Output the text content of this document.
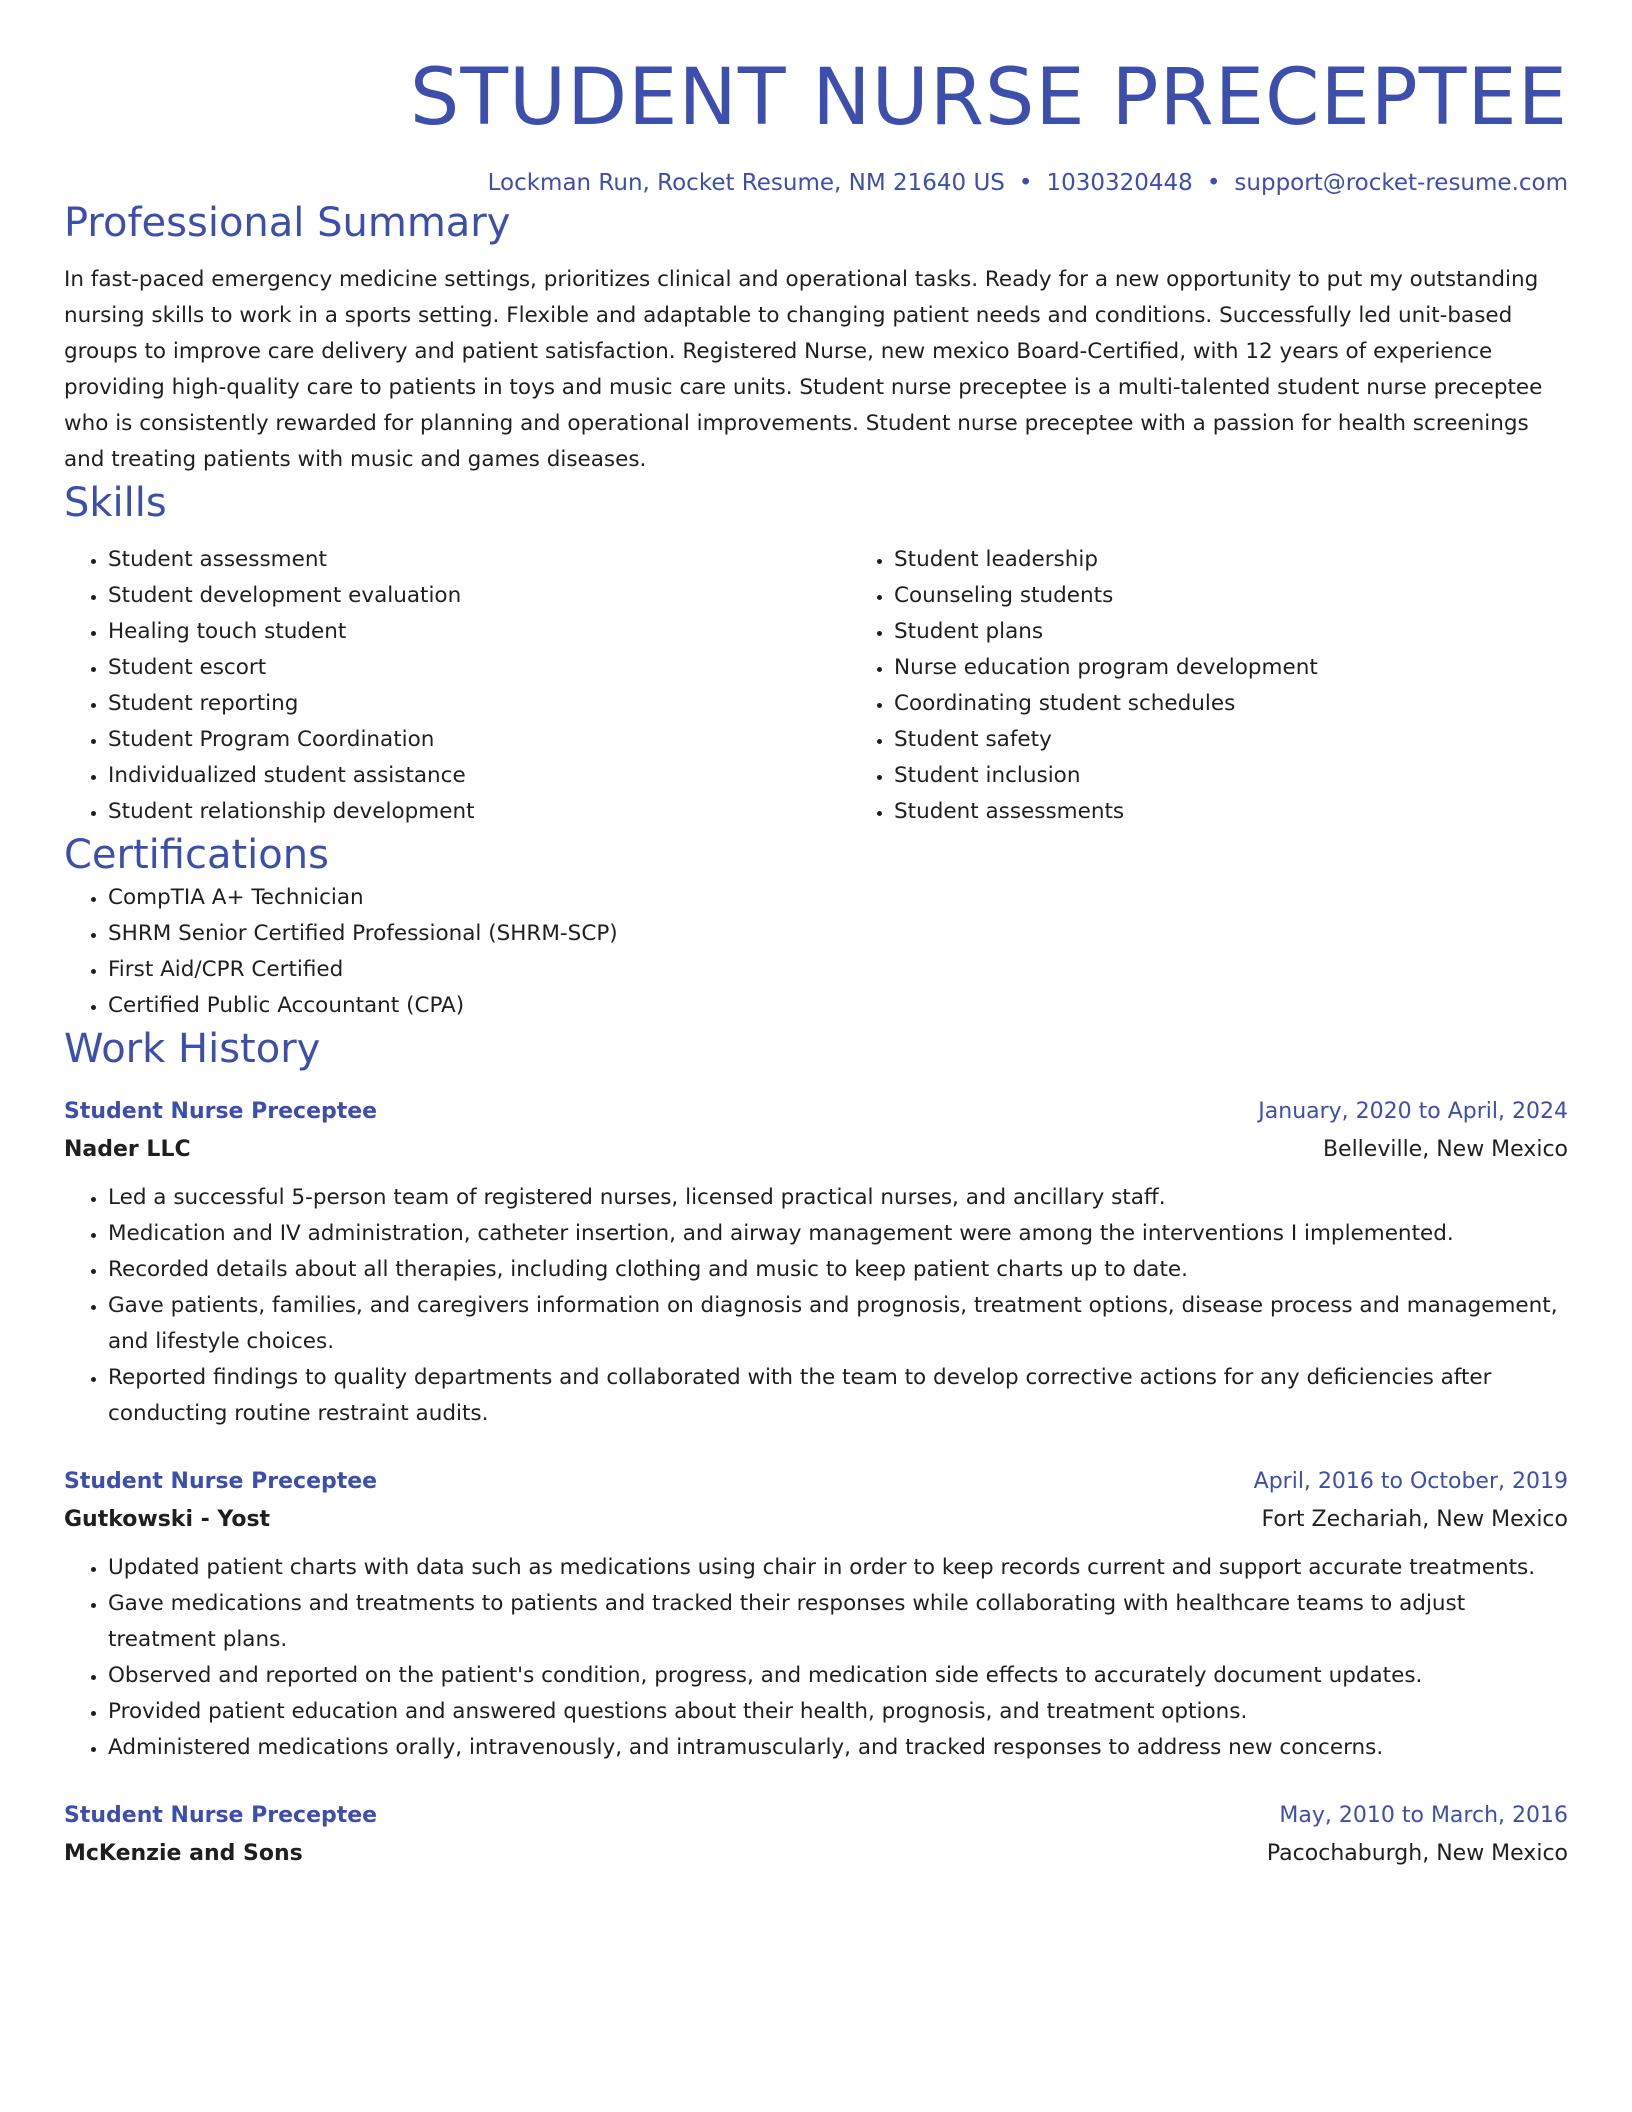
STUDENT NURSE PRECEPTEE
Lockman Run, Rocket Resume, NM 21640 US • 1030320448 • support@rocket-resume.com
Professional Summary
In fast-paced emergency medicine settings, prioritizes clinical and operational tasks. Ready for a new opportunity to put my outstanding nursing skills to work in a sports setting. Flexible and adaptable to changing patient needs and conditions. Successfully led unit-based groups to improve care delivery and patient satisfaction. Registered Nurse, new mexico Board-Certified, with 12 years of experience providing high-quality care to patients in toys and music care units. Student nurse preceptee is a multi-talented student nurse preceptee who is consistently rewarded for planning and operational improvements. Student nurse preceptee with a passion for health screenings and treating patients with music and games diseases.
Skills
• Student assessment
• Student development evaluation
• Healing touch student
• Student escort
• Student reporting
• Student Program Coordination
• Individualized student assistance
• Student relationship development
• Student leadership
• Counseling students
• Student plans
• Nurse education program development
• Coordinating student schedules
• Student safety
• Student inclusion
• Student assessments
Certifications
• CompTIA A+ Technician
• SHRM Senior Certified Professional (SHRM-SCP)
• First Aid/CPR Certified
• Certified Public Accountant (CPA)
Work History
Student Nurse Preceptee	January, 2020 to April, 2024
Nader LLC	Belleville, New Mexico
• Led a successful 5-person team of registered nurses, licensed practical nurses, and ancillary staff.
• Medication and IV administration, catheter insertion, and airway management were among the interventions I implemented.
• Recorded details about all therapies, including clothing and music to keep patient charts up to date.
• Gave patients, families, and caregivers information on diagnosis and prognosis, treatment options, disease process and management, and lifestyle choices.
• Reported findings to quality departments and collaborated with the team to develop corrective actions for any deficiencies after conducting routine restraint audits.
Student Nurse Preceptee	April, 2016 to October, 2019
Gutkowski - Yost	Fort Zechariah, New Mexico
• Updated patient charts with data such as medications using chair in order to keep records current and support accurate treatments.
• Gave medications and treatments to patients and tracked their responses while collaborating with healthcare teams to adjust treatment plans.
• Observed and reported on the patient's condition, progress, and medication side effects to accurately document updates.
• Provided patient education and answered questions about their health, prognosis, and treatment options.
• Administered medications orally, intravenously, and intramuscularly, and tracked responses to address new concerns.
Student Nurse Preceptee	May, 2010 to March, 2016
McKenzie and Sons	Pacochaburgh, New Mexico
